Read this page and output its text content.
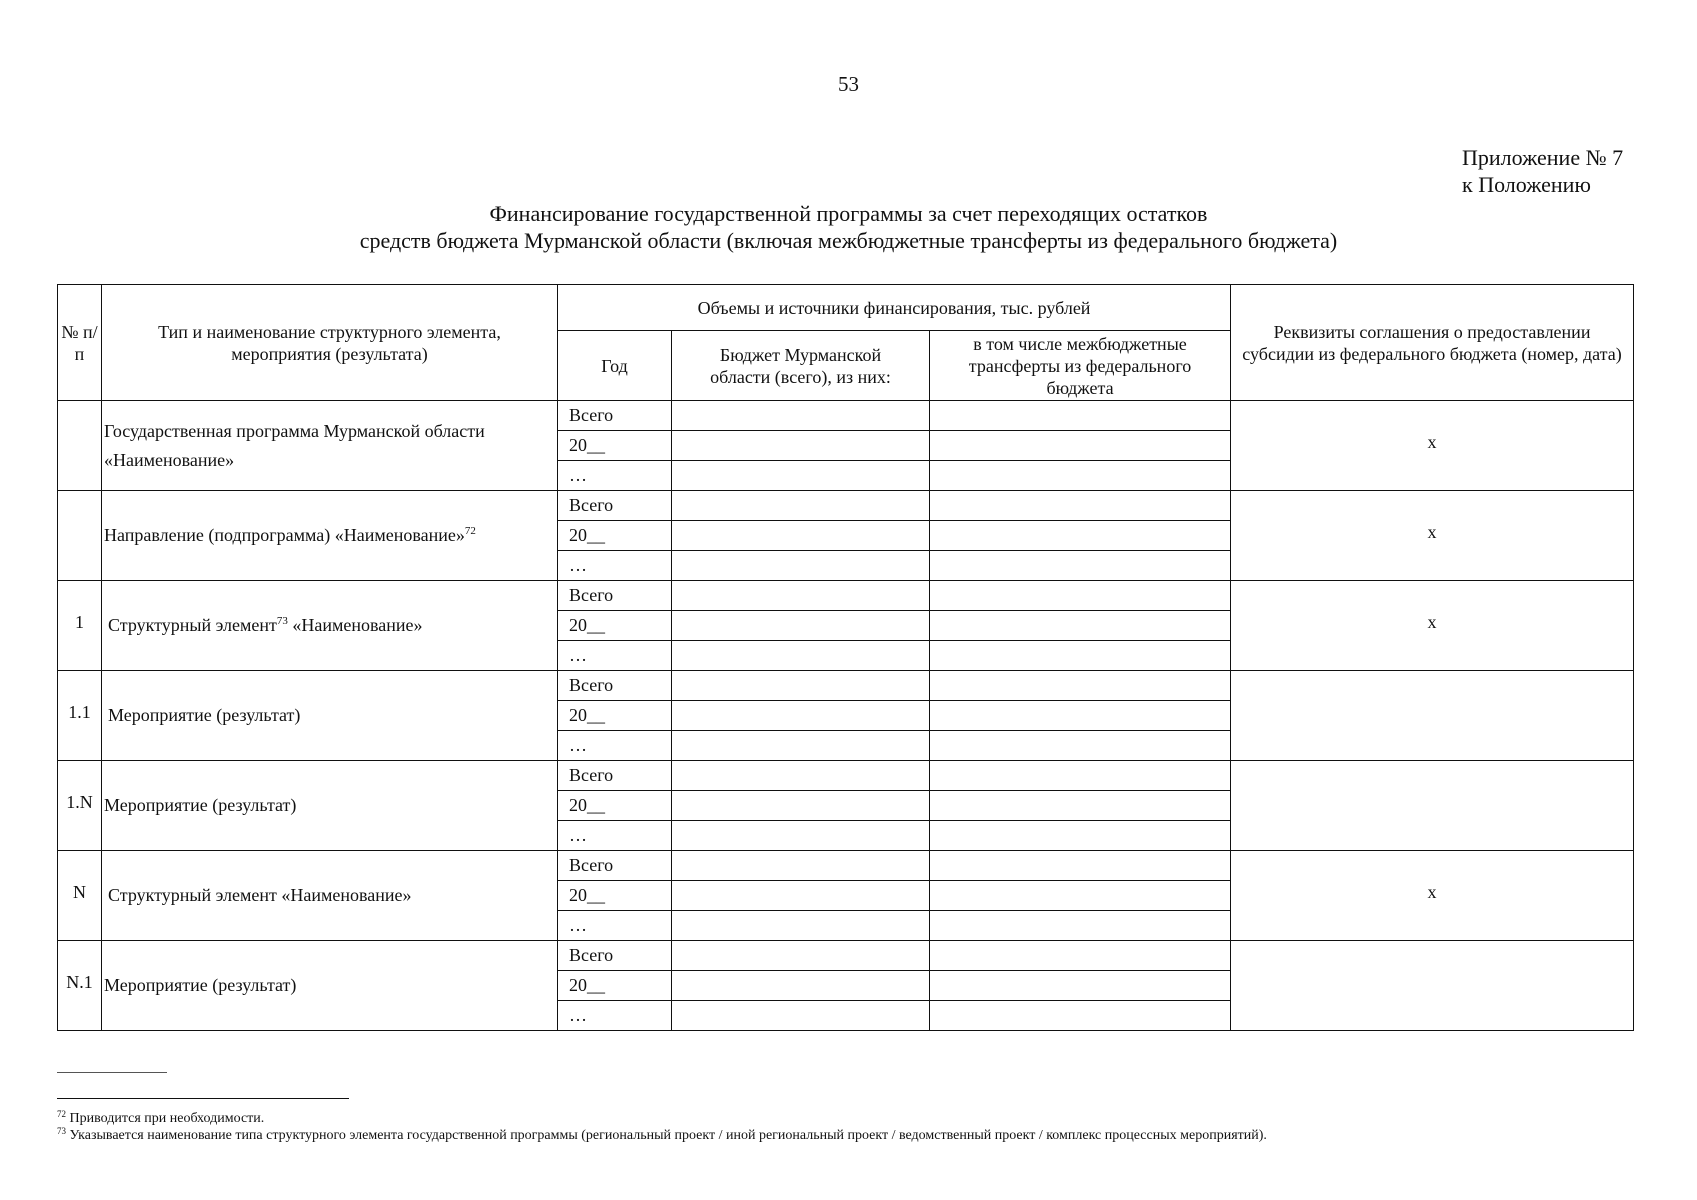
53
Приложение № 7
к Положению
Финансирование государственной программы за счет переходящих остатков
средств бюджета Мурманской области (включая межбюджетные трансферты из федерального бюджета)
№ п/п	Тип и наименование структурного элемента, мероприятия (результата)	Объемы и источники финансирования, тыс. рублей			Реквизиты соглашения о предоставлении субсидии из федерального бюджета (номер, дата)
		Год	Бюджет Мурманской области (всего), из них:	в том числе межбюджетные трансферты из федерального бюджета	
	Государственная программа Мурманской области «Наименование»	Всего			x
		20__			
		…			
	Направление (подпрограмма) «Наименование»$^{72}$	Всего			x
		20__			
		…			
1	Структурный элемент$^{73}$ «Наименование»	Всего			x
		20__			
		…			
1.1	Мероприятие (результат)	Всего			
		20__			
		…			
1.N	Мероприятие (результат)	Всего			
		20__			
		…			
N	Структурный элемент «Наименование»	Всего			x
		20__			
		…			
N.1	Мероприятие (результат)	Всего			
		20__			
		…			
$^{72}$ Приводится при необходимости.
$^{73}$ Указывается наименование типа структурного элемента государственной программы (региональный проект / иной региональный проект / ведомственный проект / комплекс процессных мероприятий).
